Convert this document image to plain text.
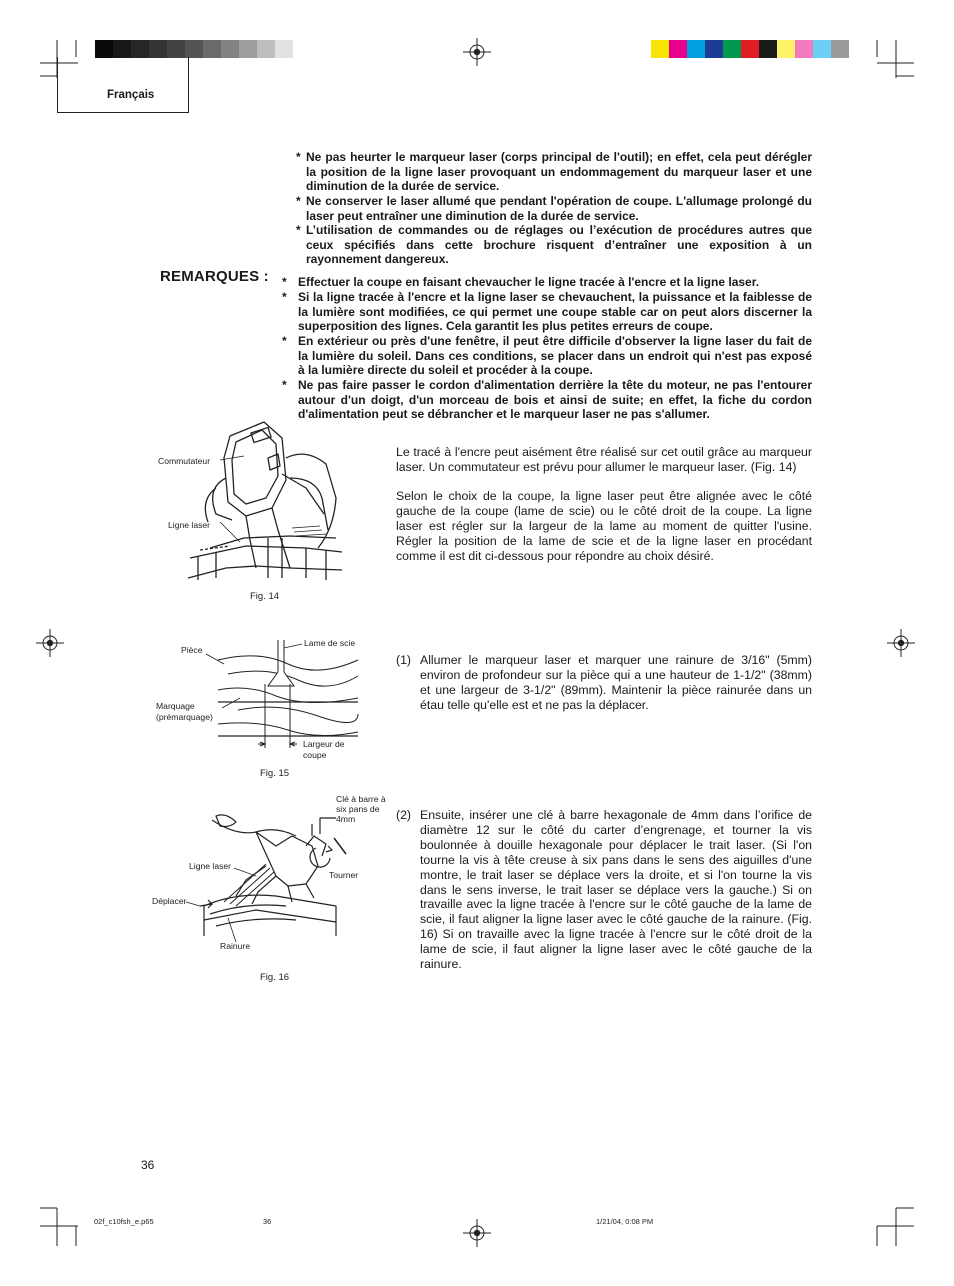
Français
* Ne pas heurter le marqueur laser (corps principal de l'outil); en effet, cela peut dérégler la position de la ligne laser provoquant un endommagement du marqueur laser et une diminution de la durée de service.
* Ne conserver le laser allumé que pendant l'opération de coupe. L'allumage prolongé du laser peut entraîner une diminution de la durée de service.
* L’utilisation de commandes ou de réglages ou l’exécution de procédures autres que ceux spécifiés dans cette brochure risquent d’entraîner une exposition à un rayonnement dangereux.
REMARQUES : * Effectuer la coupe en faisant chevaucher le ligne tracée à l'encre et la ligne laser.
* Si la ligne tracée à l'encre et la ligne laser se chevauchent, la puissance et la faiblesse de la lumière sont modifiées, ce qui permet une coupe stable car on peut alors discerner la superposition des lignes. Cela garantit les plus petites erreurs de coupe.
* En extérieur ou près d'une fenêtre, il peut être difficile d'observer la ligne laser du fait de la lumière du soleil. Dans ces conditions, se placer dans un endroit qui n'est pas exposé à la lumière directe du soleil et procéder à la coupe.
* Ne pas faire passer le cordon d'alimentation derrière la tête du moteur, ne pas l'entourer autour d'un doigt, d'un morceau de bois et ainsi de suite; en effet, la fiche du cordon d'alimentation peut se débrancher et le marqueur laser ne pas s'allumer.
Le tracé à l'encre peut aisément être réalisé sur cet outil grâce au marqueur laser. Un commutateur est prévu pour allumer le marqueur laser. (Fig. 14)
Selon le choix de la coupe, la ligne laser peut être alignée avec le côté gauche de la coupe (lame de scie) ou le côté droit de la coupe. La ligne laser est régler sur la largeur de la lame au moment de quitter l'usine. Régler la position de la lame de scie et de la ligne laser en procédant comme il est dit ci-dessous pour répondre au choix désiré.
(1) Allumer le marqueur laser et marquer une rainure de 3/16" (5mm) environ de profondeur sur la pièce qui a une hauteur de 1-1/2" (38mm) et une largeur de 3-1/2" (89mm). Maintenir la pièce rainurée dans un étau telle qu'elle est et ne pas la déplacer.
(2) Ensuite, insérer une clé à barre hexagonale de 4mm dans l’orifice de diamètre 12 sur le côté du carter d’engrenage, et tourner la vis boulonnée à douille hexagonale pour déplacer le trait laser. (Si l'on tourne la vis à tête creuse à six pans dans le sens des aiguilles d'une montre, le trait laser se déplace vers la droite, et si l'on tourne la vis dans le sens inverse, le trait laser se déplace vers la gauche.) Si on travaille avec la ligne tracée à l'encre sur le côté gauche de la lame de scie, il faut aligner la ligne laser avec le côté gauche de la rainure. (Fig. 16) Si on travaille avec la ligne tracée à l'encre sur le côté droit de la lame de scie, il faut aligner la ligne laser avec le côté gauche de la rainure.
Commutateur
Ligne laser
Fig. 14
Pièce
Lame de scie
Marquage
(prémarquage)
Largeur de
coupe
Fig. 15
Clé à barre à
six pans de
4mm
Ligne laser
Tourner
Déplacer
Rainure
Fig. 16
36
02f_c10fsh_e.p65	36	1/21/04, 0:08 PM
